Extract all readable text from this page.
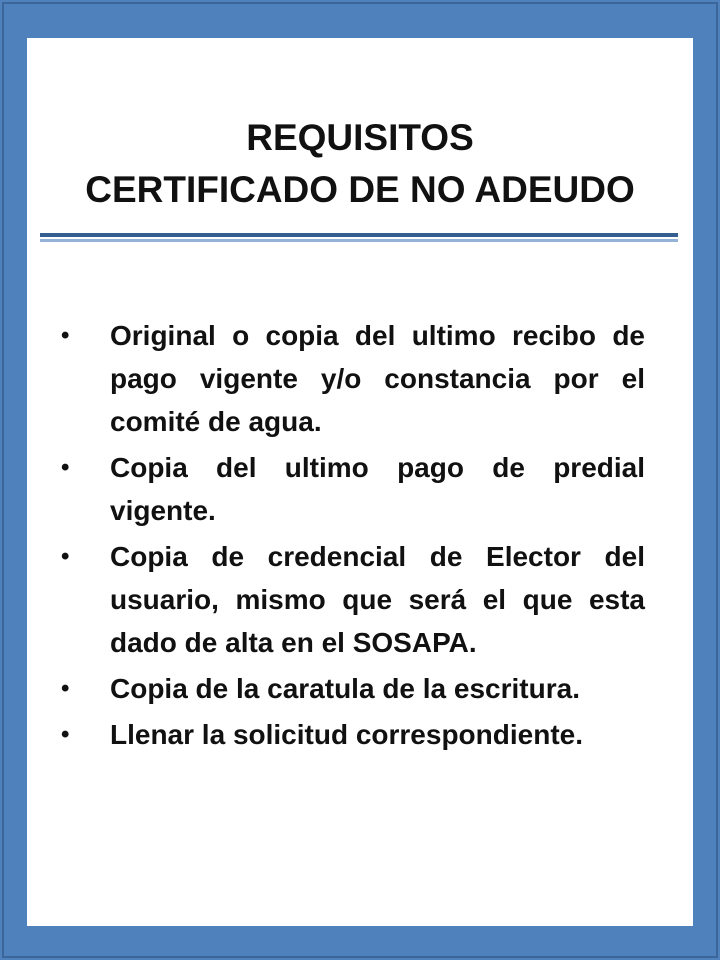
REQUISITOS
CERTIFICADO DE NO ADEUDO
• Original o copia del ultimo recibo de pago vigente y/o constancia por el comité de agua.
• Copia del ultimo pago de predial vigente.
• Copia de credencial de Elector del usuario, mismo que será el que esta dado de alta en el SOSAPA.
• Copia de la caratula de la escritura.
• Llenar la solicitud correspondiente.
